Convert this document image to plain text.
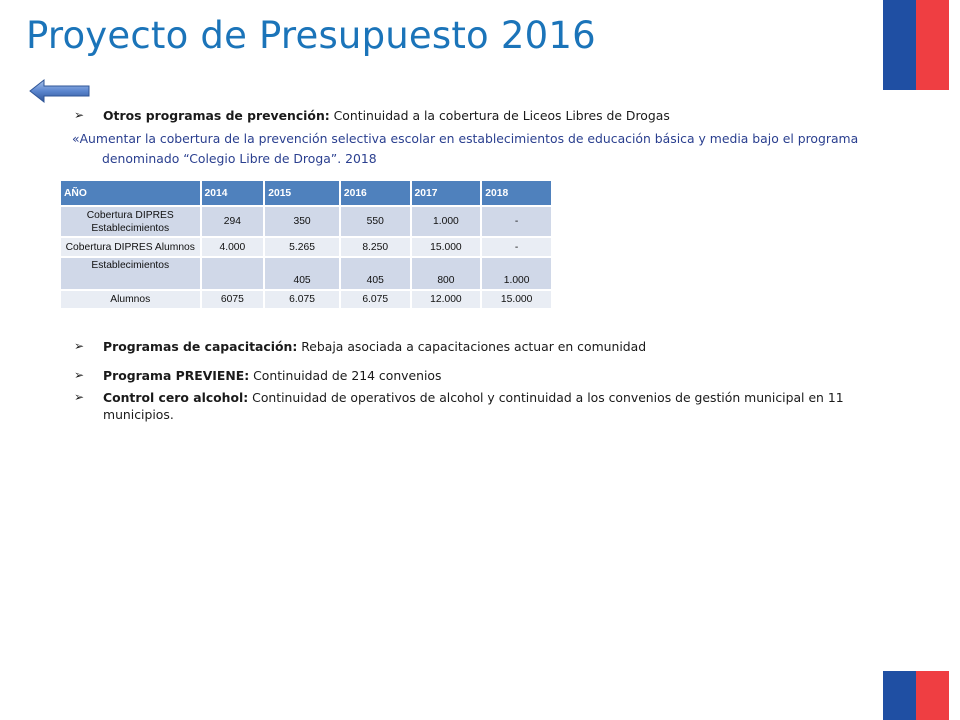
Proyecto de Presupuesto 2016
➢	Otros programas de prevención: Continuidad a la cobertura de Liceos Libres de Drogas
«Aumentar la cobertura de la prevención selectiva escolar en establecimientos de educación básica y media bajo el programa
denominado “Colegio Libre de Droga”. 2018
AÑO	2014	2015	2016	2017	2018
Cobertura DIPRES Establecimientos	294	350	550	1.000	-
Cobertura DIPRES Alumnos	4.000	5.265	8.250	15.000	-
Establecimientos		405	405	800	1.000
Alumnos	6075	6.075	6.075	12.000	15.000
➢	Programas de capacitación: Rebaja asociada a capacitaciones actuar en comunidad
➢	Programa PREVIENE: Continuidad de 214 convenios
➢	Control cero alcohol: Continuidad de operativos de alcohol y continuidad a los convenios de gestión municipal en 11 municipios.
